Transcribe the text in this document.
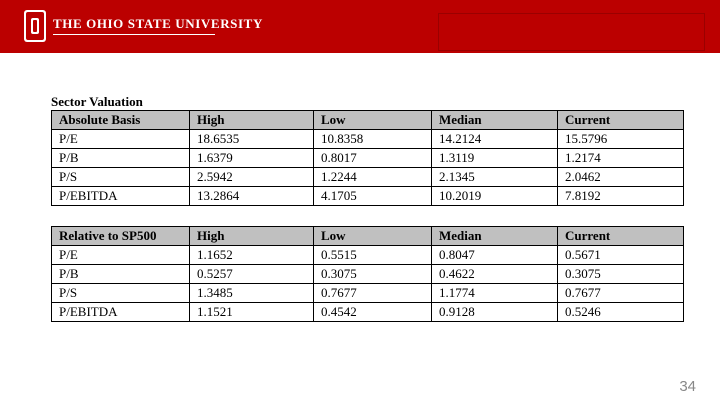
THE OHIO STATE UNIVERSITY
Sector Valuation
Absolute Basis	High	Low	Median	Current
P/E	18.6535	10.8358	14.2124	15.5796
P/B	1.6379	0.8017	1.3119	1.2174
P/S	2.5942	1.2244	2.1345	2.0462
P/EBITDA	13.2864	4.1705	10.2019	7.8192
Relative to SP500	High	Low	Median	Current
P/E	1.1652	0.5515	0.8047	0.5671
P/B	0.5257	0.3075	0.4622	0.3075
P/S	1.3485	0.7677	1.1774	0.7677
P/EBITDA	1.1521	0.4542	0.9128	0.5246
34
